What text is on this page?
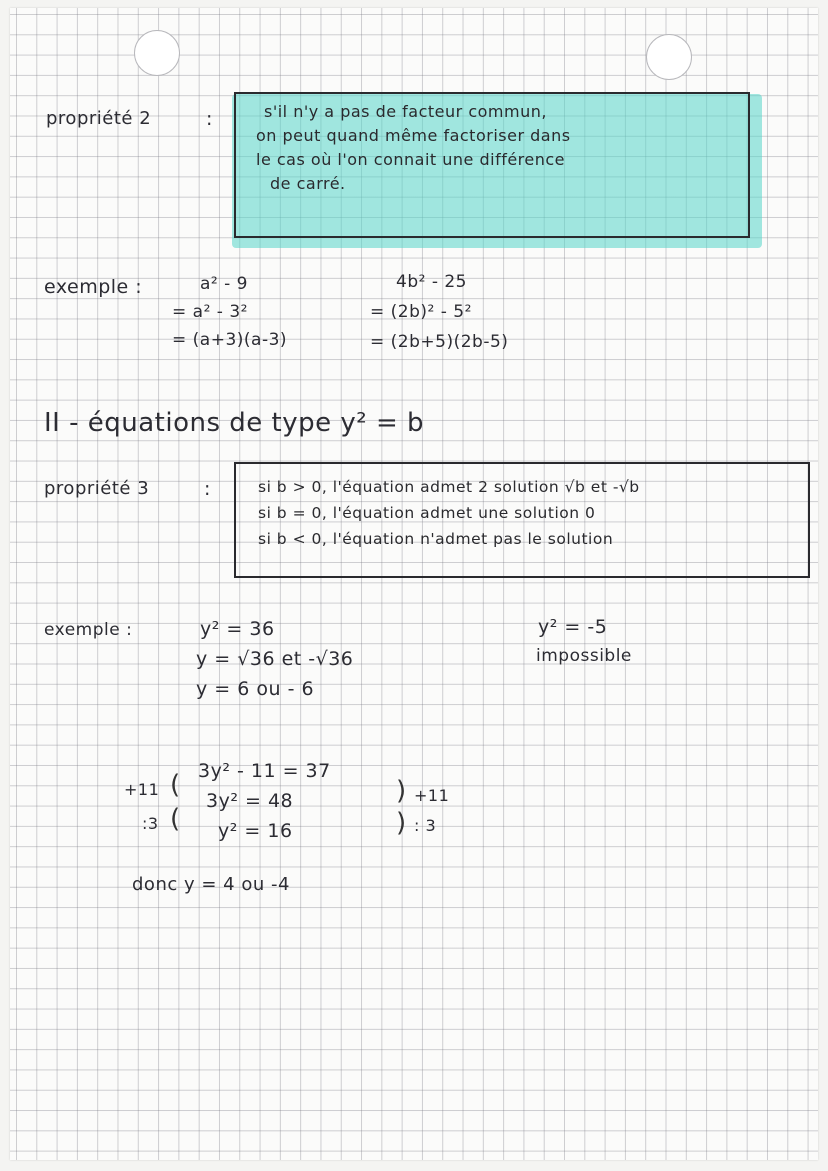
propriété 2	:	s'il n'y a pas de facteur commun,
on peut quand même factoriser dans
le cas où l'on connait une différence
de carré.
exemple :	a² - 9
= a² - 3²
= (a+3)(a-3)
4b² - 25
= (2b)² - 5²
= (2b+5)(2b-5)
II - équations de type y² = b
propriété 3	:	si b > 0, l'équation admet 2 solution √b et -√b
si b = 0, l'équation admet une solution 0
si b < 0, l'équation n'admet pas le solution
exemple :	y² = 36
y = √36 et -√36
y = 6 ou - 6
y² = -5
impossible
+11
:3
(
(
3y² - 11 = 37
3y² = 48
y² = 16
)
)
+11
: 3
donc y = 4 ou -4
